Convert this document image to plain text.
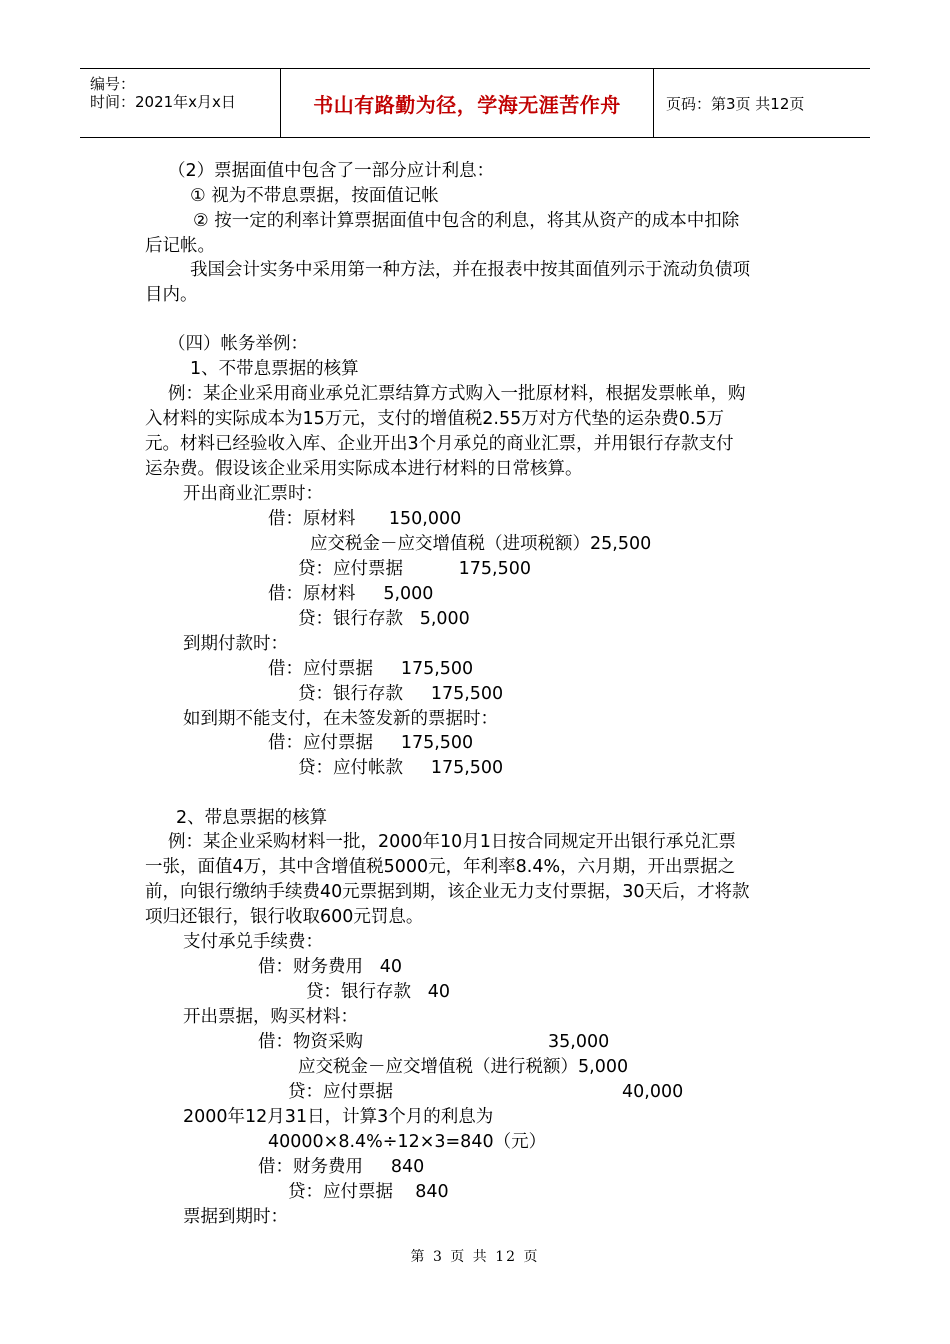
编号：
时间：2021年x月x日	书山有路勤为径，学海无涯苦作舟	页码：第3页 共12页
（2）票据面值中包含了一部分应计利息：
① 视为不带息票据，按面值记帐
② 按一定的利率计算票据面值中包含的利息，将其从资产的成本中扣除
后记帐。
我国会计实务中采用第一种方法，并在报表中按其面值列示于流动负债项
目内。
（四）帐务举例：
1、不带息票据的核算
例：某企业采用商业承兑汇票结算方式购入一批原材料，根据发票帐单，购
入材料的实际成本为15万元，支付的增值税2.55万对方代垫的运杂费0.5万
元。材料已经验收入库、企业开出3个月承兑的商业汇票，并用银行存款支付
运杂费。假设该企业采用实际成本进行材料的日常核算。
开出商业汇票时：
借：原材料      150,000
应交税金－应交增值税（进项税额）25,500
贷：应付票据          175,500
借：原材料     5,000
贷：银行存款   5,000
到期付款时：
借：应付票据     175,500
贷：银行存款     175,500
如到期不能支付，在未签发新的票据时：
借：应付票据     175,500
贷：应付帐款     175,500
2、带息票据的核算
例：某企业采购材料一批，2000年10月1日按合同规定开出银行承兑汇票
一张，面值4万，其中含增值税5000元，年利率8.4%，六月期，开出票据之
前，向银行缴纳手续费40元票据到期，该企业无力支付票据，30天后，才将款
项归还银行，银行收取600元罚息。
支付承兑手续费：
借：财务费用   40
贷：银行存款   40
开出票据，购买材料：
借：物资采购	35,000
应交税金－应交增值税（进行税额）5,000
贷：应付票据	40,000
2000年12月31日，计算3个月的利息为
40000×8.4%÷12×3=840（元）
借：财务费用     840
贷：应付票据    840
票据到期时：
第 3 页 共 12 页
